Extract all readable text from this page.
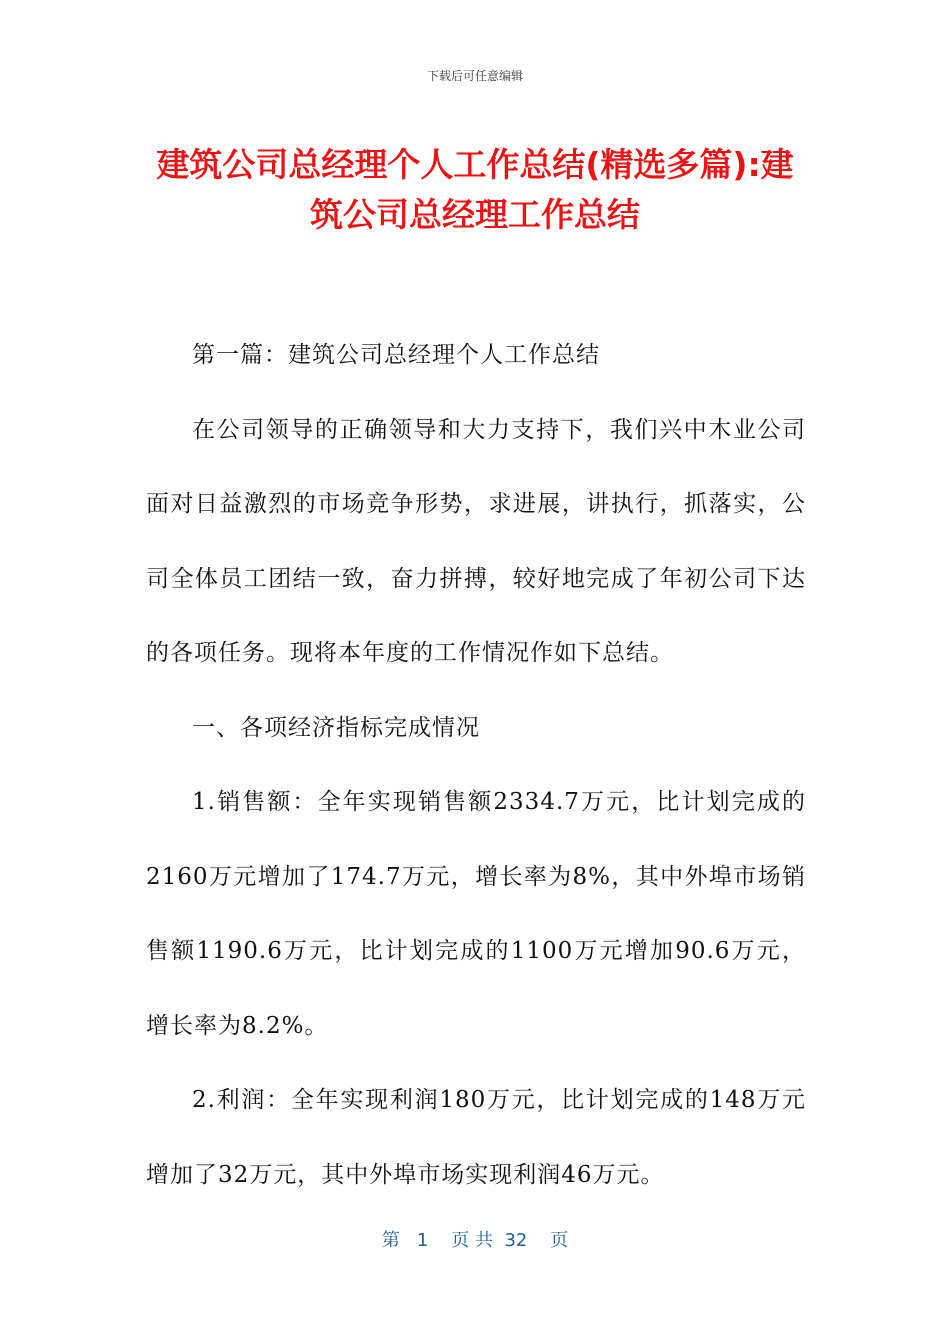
下载后可任意编辑
建筑公司总经理个人工作总结(精选多篇):建筑公司总经理工作总结

第一篇：建筑公司总经理个人工作总结

在公司领导的正确领导和大力支持下，我们兴中木业公司面对日益激烈的市场竞争形势，求进展，讲执行，抓落实，公司全体员工团结一致，奋力拼搏，较好地完成了年初公司下达的各项任务。现将本年度的工作情况作如下总结。

一、各项经济指标完成情况

1.销售额：全年实现销售额2334.7万元，比计划完成的2160万元增加了174.7万元，增长率为8%，其中外埠市场销售额1190.6万元，比计划完成的1100万元增加90.6万元，增长率为8.2%。

2.利润：全年实现利润180万元，比计划完成的148万元增加了32万元，其中外埠市场实现利润46万元。

第 1 页 共 32 页
